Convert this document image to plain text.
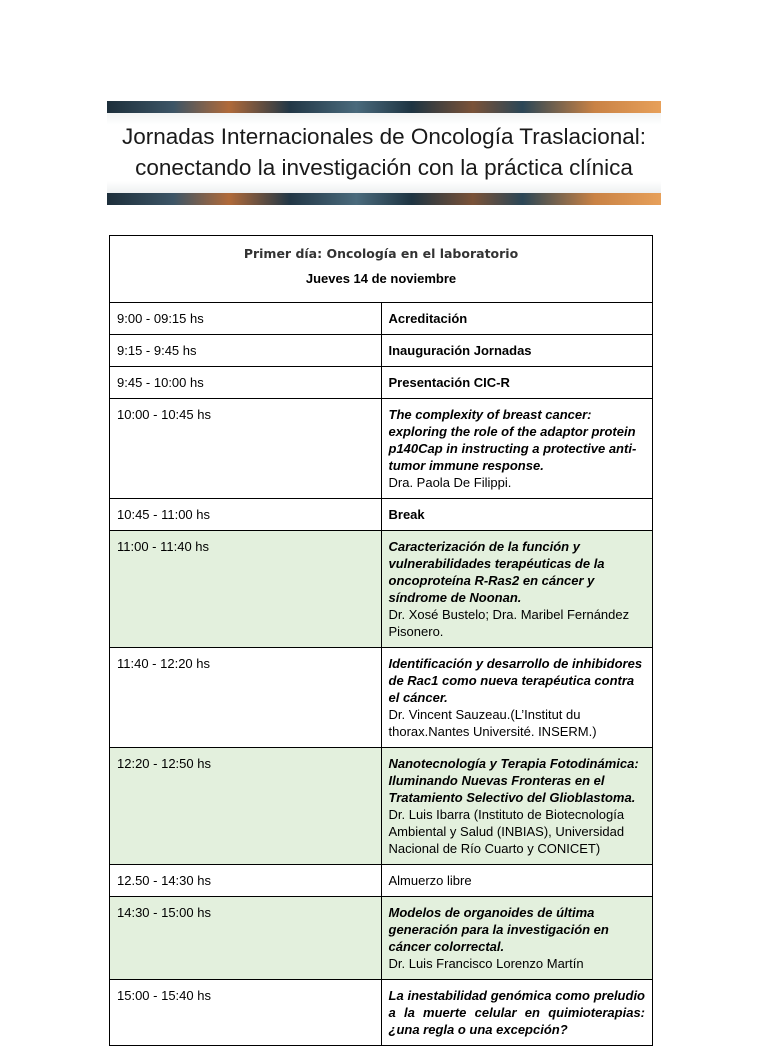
Jornadas Internacionales de Oncología Traslacional:
conectando la investigación con la práctica clínica
Primer día: Oncología en el laboratorio
Jueves 14 de noviembre	

9:00 - 09:15 hs	Acreditación
9:15 - 9:45 hs	Inauguración Jornadas
9:45 - 10:00 hs	Presentación CIC-R
10:00 - 10:45 hs	The complexity of breast cancer: exploring the role of the adaptor protein p140Cap in instructing a protective anti-tumor immune response.
Dra. Paola De Filippi.
10:45 - 11:00 hs	Break
11:00 - 11:40 hs	Caracterización de la función y vulnerabilidades terapéuticas de la oncoproteína R-Ras2 en cáncer y síndrome de Noonan.
Dr. Xosé Bustelo; Dra. Maribel Fernández Pisonero.
11:40 - 12:20 hs	Identificación y desarrollo de inhibidores de Rac1 como nueva terapéutica contra el cáncer.
Dr. Vincent Sauzeau.(L’Institut du thorax.Nantes Université. INSERM.)
12:20 - 12:50 hs	Nanotecnología y Terapia Fotodinámica: Iluminando Nuevas Fronteras en el Tratamiento Selectivo del Glioblastoma.
Dr. Luis Ibarra (Instituto de Biotecnología Ambiental y Salud (INBIAS), Universidad Nacional de Río Cuarto y CONICET)
12.50 - 14:30 hs	Almuerzo libre
14:30 - 15:00 hs	Modelos de organoides de última generación para la investigación en cáncer colorrectal.
Dr. Luis Francisco Lorenzo Martín
15:00 - 15:40 hs	La inestabilidad genómica como preludio a la muerte celular en quimioterapias: ¿una regla o una excepción?
